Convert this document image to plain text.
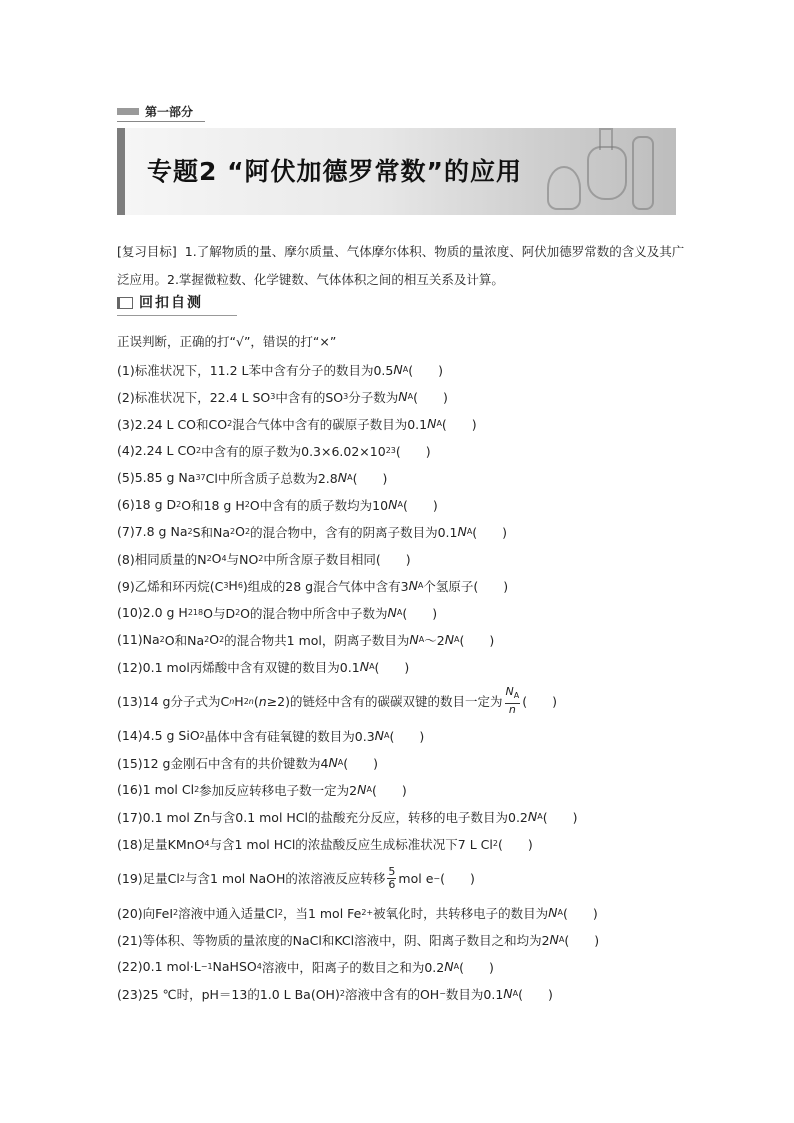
第一部分
专题2 “阿伏加德罗常数”的应用
[复习目标] 1.了解物质的量、摩尔质量、气体摩尔体积、物质的量浓度、阿伏加德罗常数的含义及其广泛应用。2.掌握微粒数、化学键数、气体体积之间的相互关系及计算。
回扣自测
正误判断，正确的打“√”，错误的打“×”
(1)标准状况下，11.2 L苯中含有分子的数目为0.5 N A (　　)
(2)标准状况下，22.4 L SO 3 中含有的SO 3 分子数为 N A (　　)
(3)2.24 L CO和CO 2 混合气体中含有的碳原子数目为0.1 N A (　　)
(4)2.24 L CO 2 中含有的原子数为0.3×6.02×10 23 (　　)
(5)5.85 g Na 37 Cl中所含质子总数为2.8 N A (　　)
(6)18 g D 2 O和18 g H 2 O中含有的质子数均为10 N A (　　)
(7)7.8 g Na 2 S和Na 2 O 2 的混合物中，含有的阴离子数目为0.1 N A (　　)
(8)相同质量的N 2 O 4 与NO 2 中所含原子数目相同(　　)
(9)乙烯和环丙烷(C 3 H 6 )组成的28 g混合气体中含有3 N A 个氢原子(　　)
(10)2.0 g H 2 18 O与D 2 O的混合物中所含中子数为 N A (　　)
(11)Na 2 O和Na 2 O 2 的混合物共1 mol，阴离子数目为 N A ～2 N A (　　)
(12)0.1 mol丙烯酸中含有双键的数目为0.1 N A (　　)
(13)14 g分子式为C n H 2n ( n ≥2)的链烃中含有的碳碳双键的数目一定为 $\frac{N_A}{n}$ (　　)
(14)4.5 g SiO 2 晶体中含有硅氧键的数目为0.3 N A (　　)
(15)12 g金刚石中含有的共价键数为4 N A (　　)
(16)1 mol Cl 2 参加反应转移电子数一定为2 N A (　　)
(17)0.1 mol Zn与含0.1 mol HCl的盐酸充分反应，转移的电子数目为0.2 N A (　　)
(18)足量KMnO 4 与含1 mol HCl的浓盐酸反应生成标准状况下7 L Cl 2 (　　)
(19)足量Cl 2 与含1 mol NaOH的浓溶液反应转移 $\frac{5}{6}$ mol e − (　　)
(20)向FeI 2 溶液中通入适量Cl 2 ，当1 mol Fe 2+ 被氧化时，共转移电子的数目为 N A (　　)
(21)等体积、等物质的量浓度的NaCl和KCl溶液中，阴、阳离子数目之和均为2 N A (　　)
(22)0.1 mol·L −1 NaHSO 4 溶液中，阳离子的数目之和为0.2 N A (　　)
(23)25 ℃时，pH＝13的1.0 L Ba(OH) 2 溶液中含有的OH − 数目为0.1 N A (　　)
